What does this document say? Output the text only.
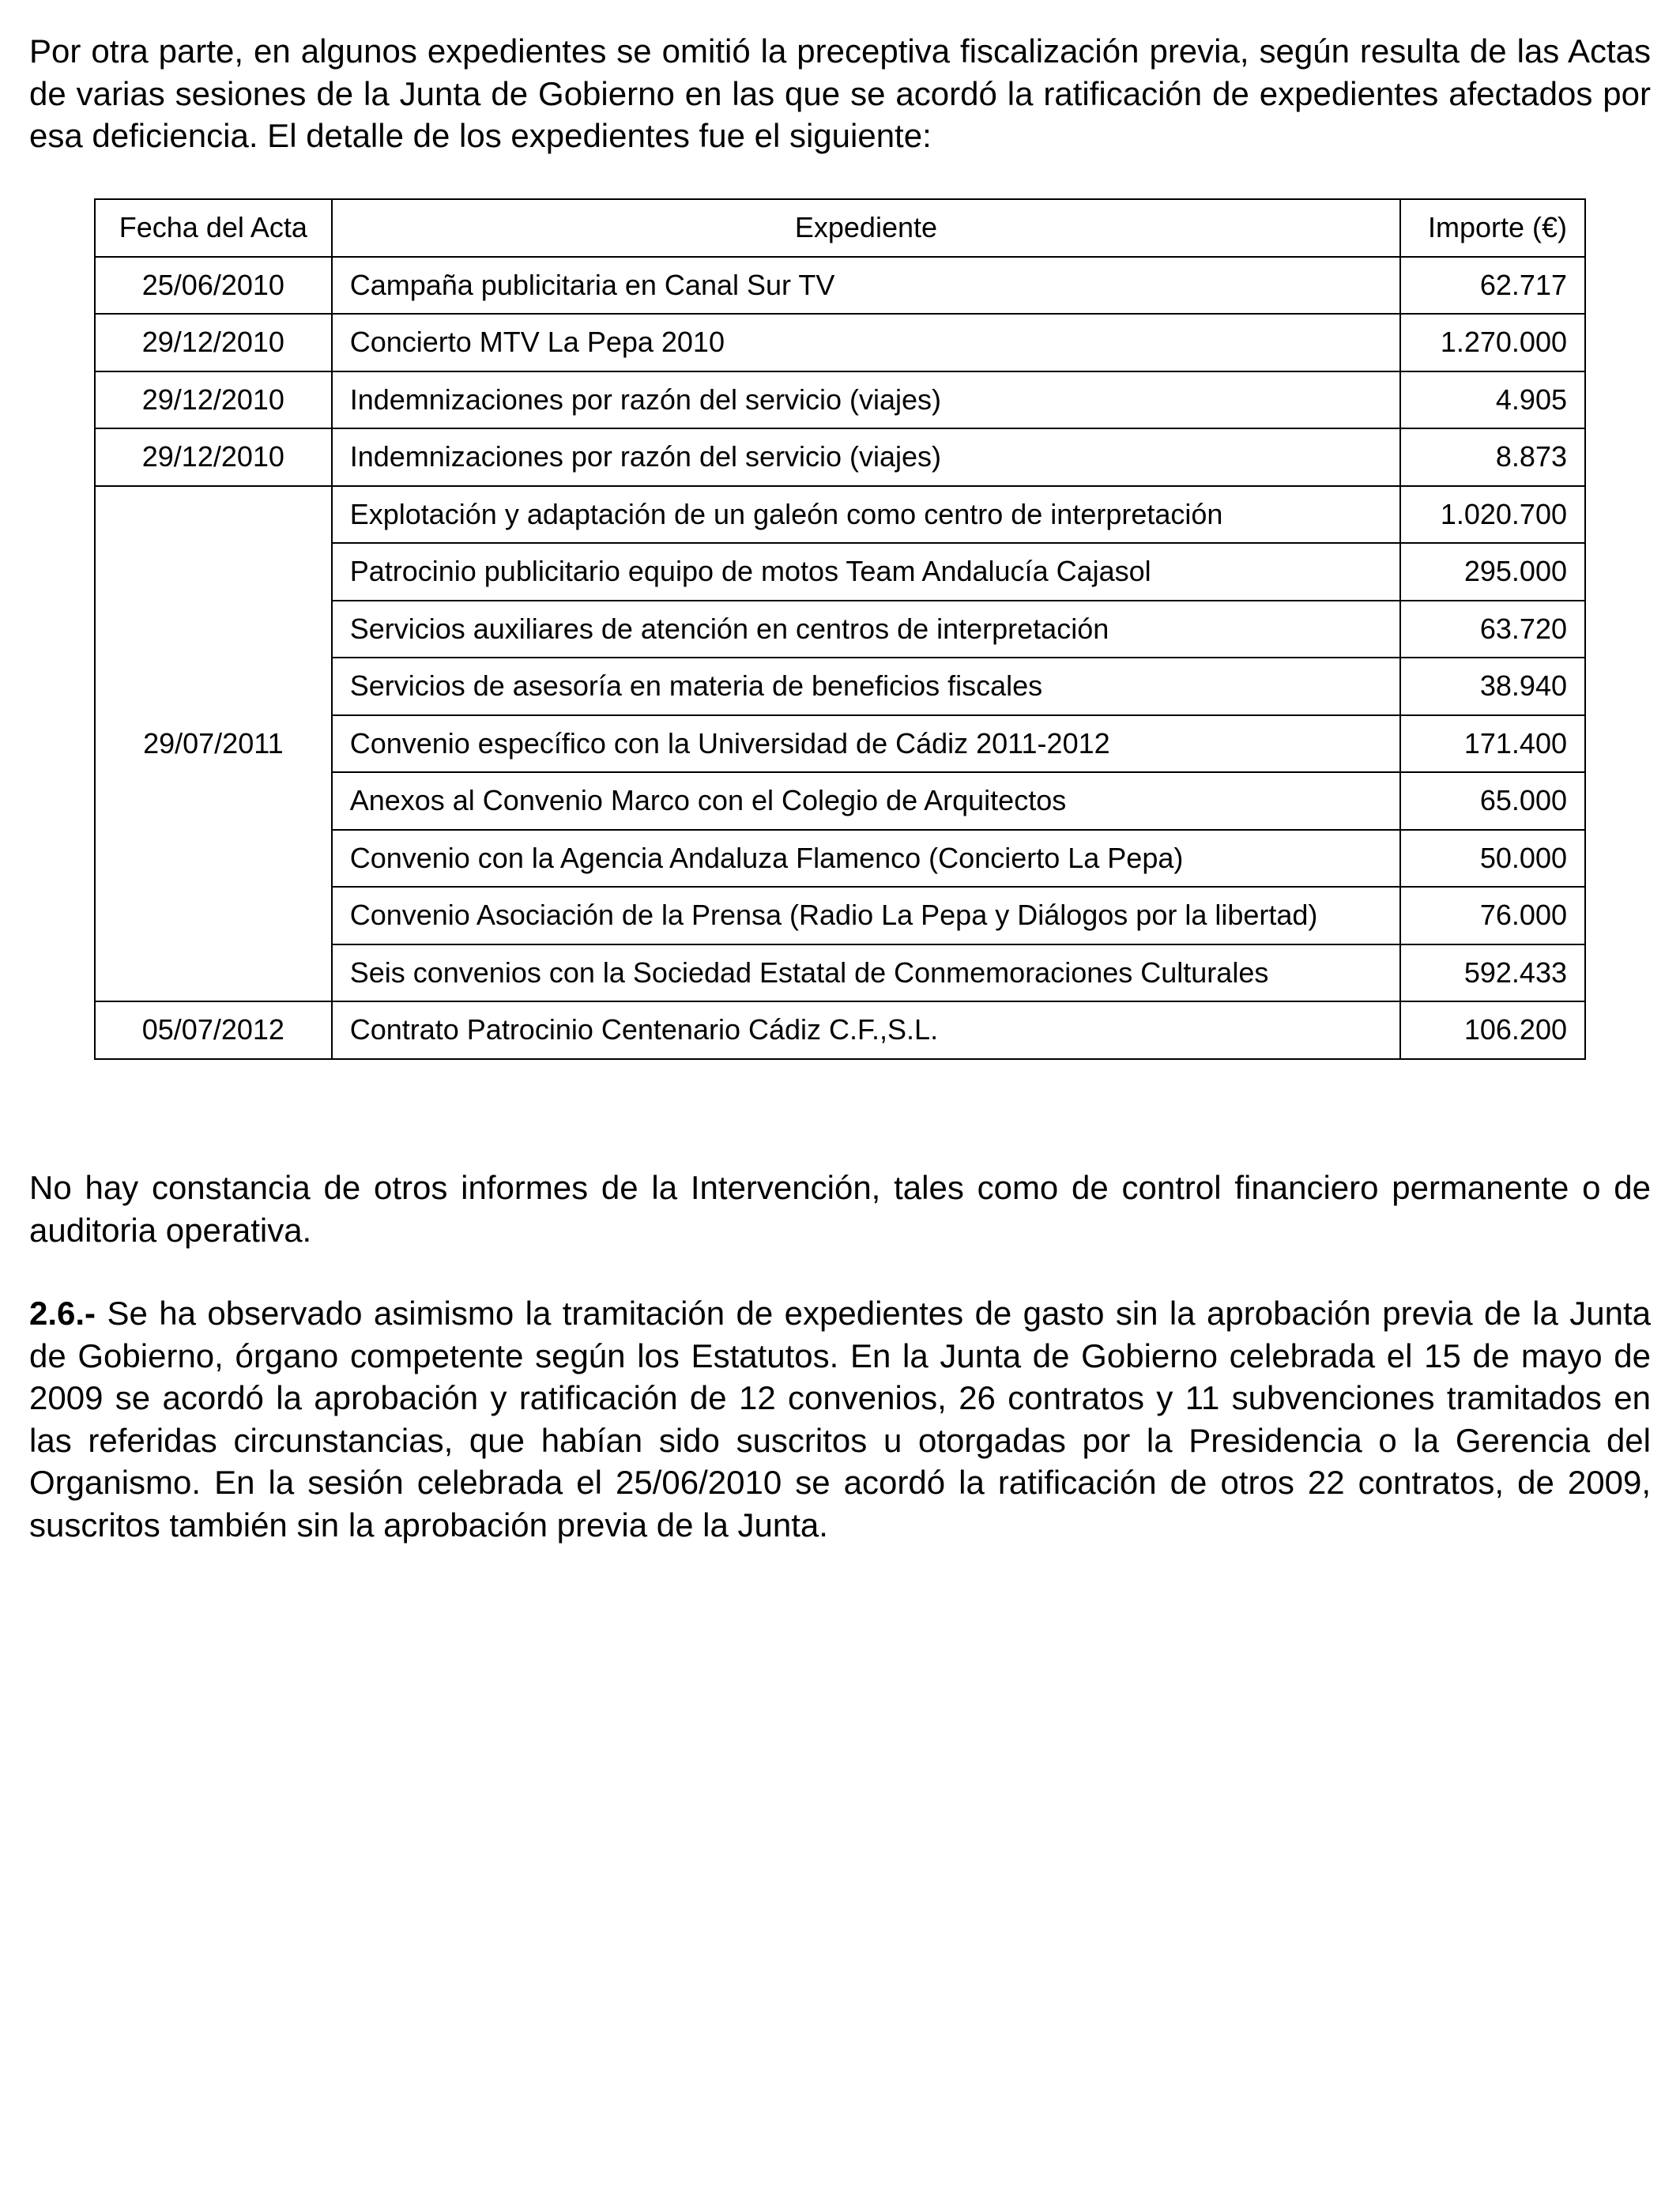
Por otra parte, en algunos expedientes se omitió la preceptiva fiscalización previa, según resulta de las Actas de varias sesiones de la Junta de Gobierno en las que se acordó la ratificación de expedientes afectados por esa deficiencia. El detalle de los expedientes fue el siguiente:

Fecha del Acta	Expediente	Importe (€)
25/06/2010	Campaña publicitaria en Canal Sur TV	62.717
29/12/2010	Concierto MTV La Pepa 2010	1.270.000
29/12/2010	Indemnizaciones por razón del servicio (viajes)	4.905
29/12/2010	Indemnizaciones por razón del servicio (viajes)	8.873
29/07/2011	Explotación y adaptación de un galeón como centro de interpretación	1.020.700
	Patrocinio publicitario equipo de motos Team Andalucía Cajasol	295.000
	Servicios auxiliares de atención en centros de interpretación	63.720
	Servicios de asesoría en materia de beneficios fiscales	38.940
	Convenio específico con la Universidad de Cádiz 2011-2012	171.400
	Anexos al Convenio Marco con el Colegio de Arquitectos	65.000
	Convenio con la Agencia Andaluza Flamenco (Concierto La Pepa)	50.000
	Convenio Asociación de la Prensa (Radio La Pepa y Diálogos por la libertad)	76.000
	Seis convenios con la Sociedad Estatal de Conmemoraciones Culturales	592.433
05/07/2012	Contrato Patrocinio Centenario Cádiz C.F.,S.L.	106.200

No hay constancia de otros informes de la Intervención, tales como de control financiero permanente o de auditoria operativa.

2.6.- Se ha observado asimismo la tramitación de expedientes de gasto sin la aprobación previa de la Junta de Gobierno, órgano competente según los Estatutos. En la Junta de Gobierno celebrada el 15 de mayo de 2009 se acordó la aprobación y ratificación de 12 convenios, 26 contratos y 11 subvenciones tramitados en las referidas circunstancias, que habían sido suscritos u otorgadas por la Presidencia o la Gerencia del Organismo. En la sesión celebrada el 25/06/2010 se acordó la ratificación de otros 22 contratos, de 2009, suscritos también sin la aprobación previa de la Junta.
